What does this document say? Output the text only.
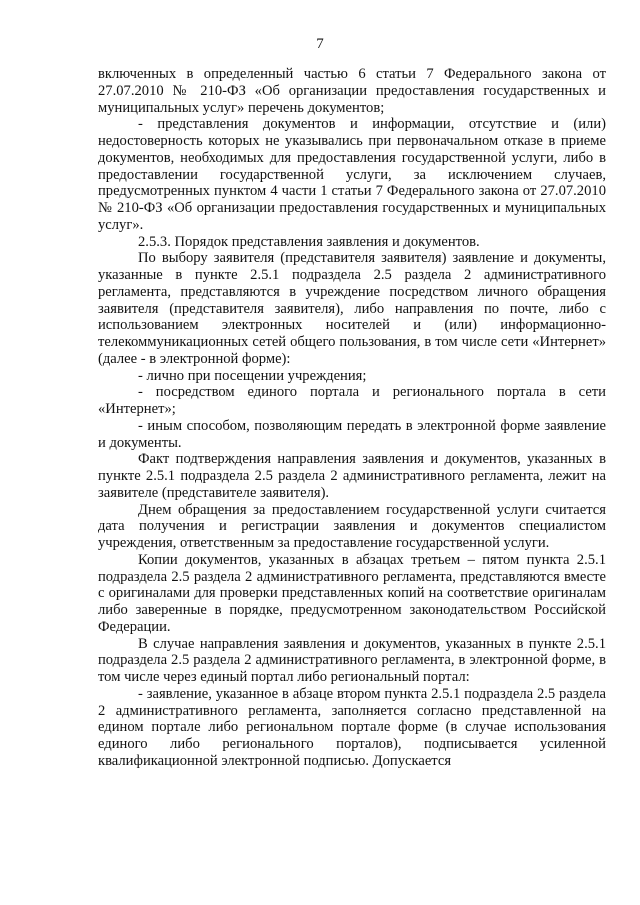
7

включенных в определенный частью 6 статьи 7 Федерального закона от 27.07.2010 № 210-ФЗ «Об организации предоставления государственных и муниципальных услуг» перечень документов;

- представления документов и информации, отсутствие и (или) недостоверность которых не указывались при первоначальном отказе в приеме документов, необходимых для предоставления государственной услуги, либо в предоставлении государственной услуги, за исключением случаев, предусмотренных пунктом 4 части 1 статьи 7 Федерального закона от 27.07.2010 № 210-ФЗ «Об организации предоставления государственных и муниципальных услуг».

2.5.3. Порядок представления заявления и документов.

По выбору заявителя (представителя заявителя) заявление и документы, указанные в пункте 2.5.1 подраздела 2.5 раздела 2 административного регламента, представляются в учреждение посредством личного обращения заявителя (представителя заявителя), либо направления по почте, либо с использованием электронных носителей и (или) информационно-телекоммуникационных сетей общего пользования, в том числе сети «Интернет» (далее - в электронной форме):

- лично при посещении учреждения;

- посредством единого портала и регионального портала в сети «Интернет»;

- иным способом, позволяющим передать в электронной форме заявление и документы.

Факт подтверждения направления заявления и документов, указанных в пункте 2.5.1 подраздела 2.5 раздела 2 административного регламента, лежит на заявителе (представителе заявителя).

Днем обращения за предоставлением государственной услуги считается дата получения и регистрации заявления и документов специалистом учреждения, ответственным за предоставление государственной услуги.

Копии документов, указанных в абзацах третьем – пятом пункта 2.5.1 подраздела 2.5 раздела 2 административного регламента, представляются вместе с оригиналами для проверки представленных копий на соответствие оригиналам либо заверенные в порядке, предусмотренном законодательством Российской Федерации.

В случае направления заявления и документов, указанных в пункте 2.5.1 подраздела 2.5 раздела 2 административного регламента, в электронной форме, в том числе через единый портал либо региональный портал:

- заявление, указанное в абзаце втором пункта 2.5.1 подраздела 2.5 раздела 2 административного регламента, заполняется согласно представленной на едином портале либо региональном портале форме (в случае использования единого либо регионального порталов), подписывается усиленной квалификационной электронной подписью. Допускается
